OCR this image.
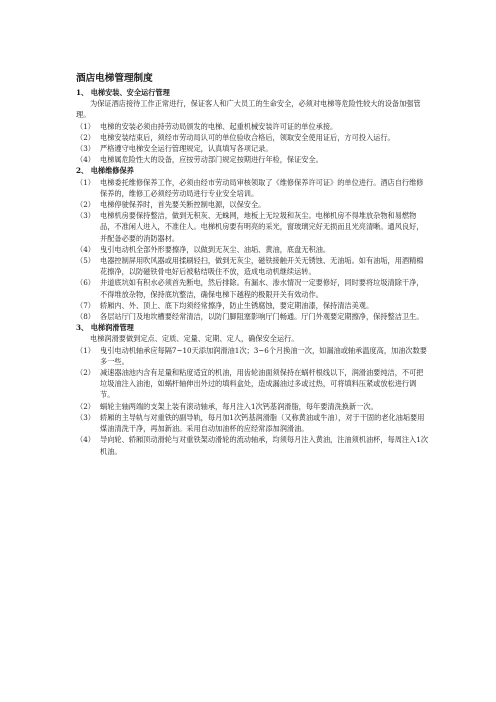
酒店电梯管理制度
1、 电梯安装、安全运行管理
为保证酒店接待工作正常进行，保证客人和广大员工的生命安全，必须对电梯等危险性较大的设备加强管理。
（1） 电梯的安装必须由持劳动局颁发的电梯、起重机械安装许可证的单位承接。
（2） 电梯安装结束后，须经市劳动局认可的单位验收合格后，领取安全使用证后，方可投入运行。
（3） 严格遵守电梯安全运行管理规定，认真填写各项记录。
（4） 电梯属危险性大的设备，应按劳动部门规定按期进行年检，保证安全。
2、 电梯维修保养
（1） 电梯委托维修保养工作，必须由经市劳动局审核领取了《维修保养许可证》的单位进行。酒店自行维修保养的，维修工必须经劳动局进行专业安全培训。
（2） 电梯停驶保养时，首先要关断控制电源，以保安全。
（3） 电梯机房要保持整洁，做到无积灰、无蛛网，地板上无垃圾和灰尘。电梯机房不得堆放杂物和易燃物品，不准闲人进入，不准住人。电梯机房要有明亮的采光，窗玻璃完好无损而且光亮清晰。通风良好，并配备必要的消防器材。
（4） 曳引电动机全部外形要擦净，以做到无灰尘、油垢、黄油，底盘无积油。
（5） 电器控制屏用吹风器或用揉刷轻扫，做到无灰尘，磁铁接触开关无锈蚀、无油垢。如有油垢，用酒精棉花擦净，以防磁铁骨电好后被粘结吸住不放，造成电动机继续运转。
（6） 井道底坑如有积水必须首先断电，然后排除。有漏水、渗水情况一定要修好，同时要将垃圾清除干净，不得堆放杂物，保持底坑整洁，确保电梯下越程的极限开关有效动作。
（7） 轿厢内、外、顶上、底下均须经常擦净，防止生锈腐蚀，要定期油漆，保持清洁美观。
（8） 各层站厅门及地坎槽要经常清洁，以防门脚阻塞影响厅门畅通。厅门外观要定期擦净，保持整洁卫生。
3、 电梯润滑管理
电梯润滑要做到定点、定质、定量、定期、定人，确保安全运行。
（1） 曳引电动机轴承应每隔7~10天添加润滑油1次；3~6个月换油一次，如漏油或轴承温度高，加油次数要多一些。
（2） 减速器油池内含有足量和粘度适宜的机油，用齿轮油面须保持在蜗杆根线以下，润滑油要纯洁，不可把垃圾油注入油池，如蜗杆轴伸出外过的填料盒处，造成漏油过多或过热，可将填料压紧或放松进行调节。
（2） 蜗轮主轴两端的支架上装有滚动轴承，每月注入1次钙基润滑脂，每年要清洗换新一次。
（3） 轿厢的主导轨与对重铁的副导轨，每月加1次钙基润滑脂（又称黄油或牛油），对于干固的老化油垢要用煤油清洗干净，再加新油。采用自动加油杯的应经常添加润滑油。
（4） 导向轮、轿厢顶动滑轮与对重铁架动滑轮的流动轴承，均须每月注入黄油，注油须机油杯，每周注入1次机油。
